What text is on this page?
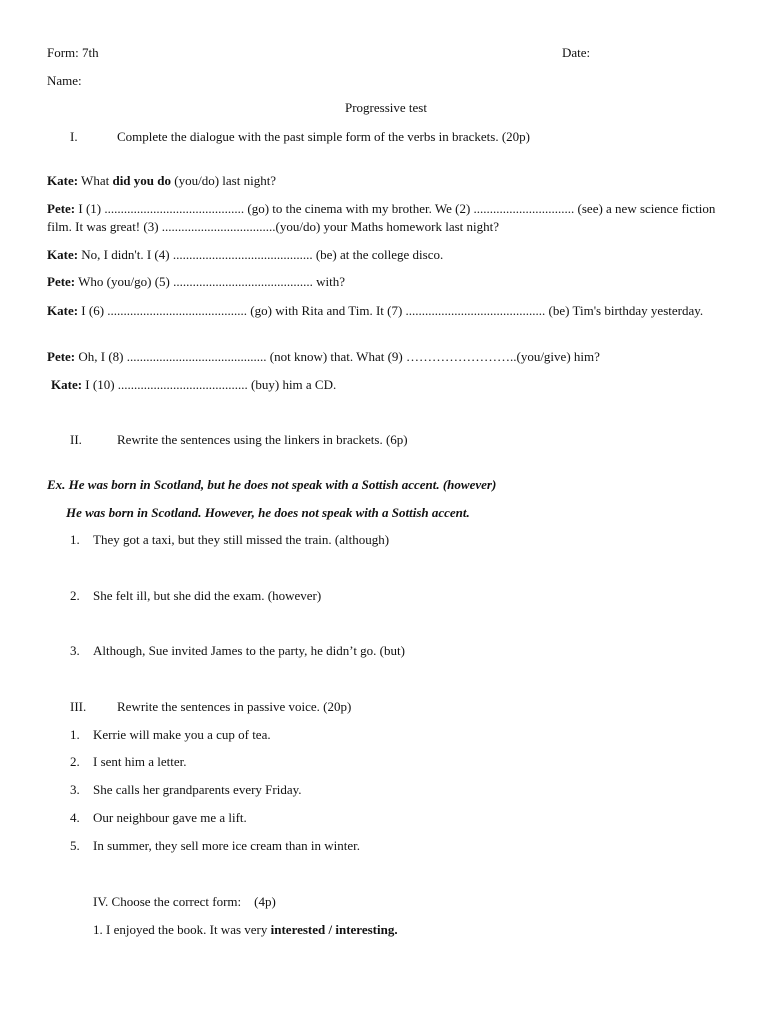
Form: 7th	Date:
Name:
Progressive test
I.	Complete the dialogue with the past simple form of the verbs in brackets. (20p)
Kate: What did you do (you/do) last night?
Pete: I (1) ........................................... (go) to the cinema with my brother. We (2) ............................... (see) a new science fiction film. It was great! (3) ...................................(you/do) your Maths homework last night?
Kate: No, I didn't. I (4) ........................................... (be) at the college disco.
Pete: Who (you/go) (5) ........................................... with?
Kate: I (6) ........................................... (go) with Rita and Tim. It (7) ........................................... (be) Tim's birthday yesterday.
Pete: Oh, I (8) ........................................... (not know) that. What (9) ……………………..(you/give) him?
Kate: I (10) ........................................ (buy) him a CD.
II.	Rewrite the sentences using the linkers in brackets. (6p)
Ex. He was born in Scotland, but he does not speak with a Sottish accent. (however)
He was born in Scotland. However, he does not speak with a Sottish accent.
1. They got a taxi, but they still missed the train. (although)
2. She felt ill, but she did the exam. (however)
3. Although, Sue invited James to the party, he didn’t go. (but)
III. Rewrite the sentences in passive voice. (20p)
1. Kerrie will make you a cup of tea.
2. I sent him a letter.
3. She calls her grandparents every Friday.
4. Our neighbour gave me a lift.
5. In summer, they sell more ice cream than in winter.
IV. Choose the correct form:    (4p)
1. I enjoyed the book. It was very interested / interesting.
